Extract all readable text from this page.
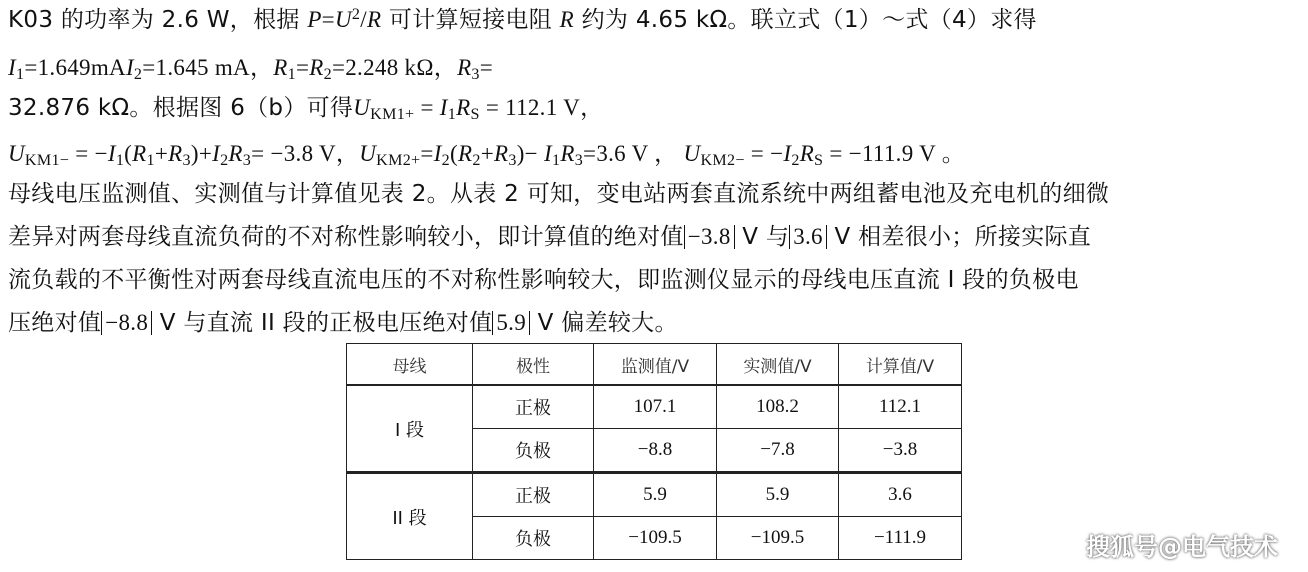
K03 的功率为 2.6 W，根据 $P=U^2/R$ 可计算短接电阻 R 约为 4.65 kΩ。联立式（1）～式（4）求得
$I_1=1.649mAI_2=1.645$ mA，$R_1=R_2=2.248$ kΩ，$R_3=$
32.876 kΩ。根据图 6（b）可得$U_{KM1+} = I_1R_S = 112.1$ V，
$U_{KM1-} = -I_1(R_1+R_3)+I_2R_3= -3.8$ V，$U_{KM2+}=I_2(R_2+R_3)- I_1R_3=3.6$ V ， $U_{KM2-} = -I_2R_S = -111.9$ V 。
母线电压监测值、实测值与计算值见表 2。从表 2 可知，变电站两套直流系统中两组蓄电池及充电机的细微
差异对两套母线直流负荷的不对称性影响较小，即计算值的绝对值 −3.8 V 与 3.6 V 相差很小；所接实际直
流负载的不平衡性对两套母线直流电压的不对称性影响较大，即监测仪显示的母线电压直流 I 段的负极电
压绝对值 −8.8 V 与直流 II 段的正极电压绝对值 5.9 V 偏差较大。
母线	极性	监测值/V	实测值/V	计算值/V
I 段	正极	107.1	108.2	112.1
	负极	−8.8	−7.8	−3.8
II 段	正极	5.9	5.9	3.6
	负极	−109.5	−109.5	−111.9	搜狐号@电气技术
